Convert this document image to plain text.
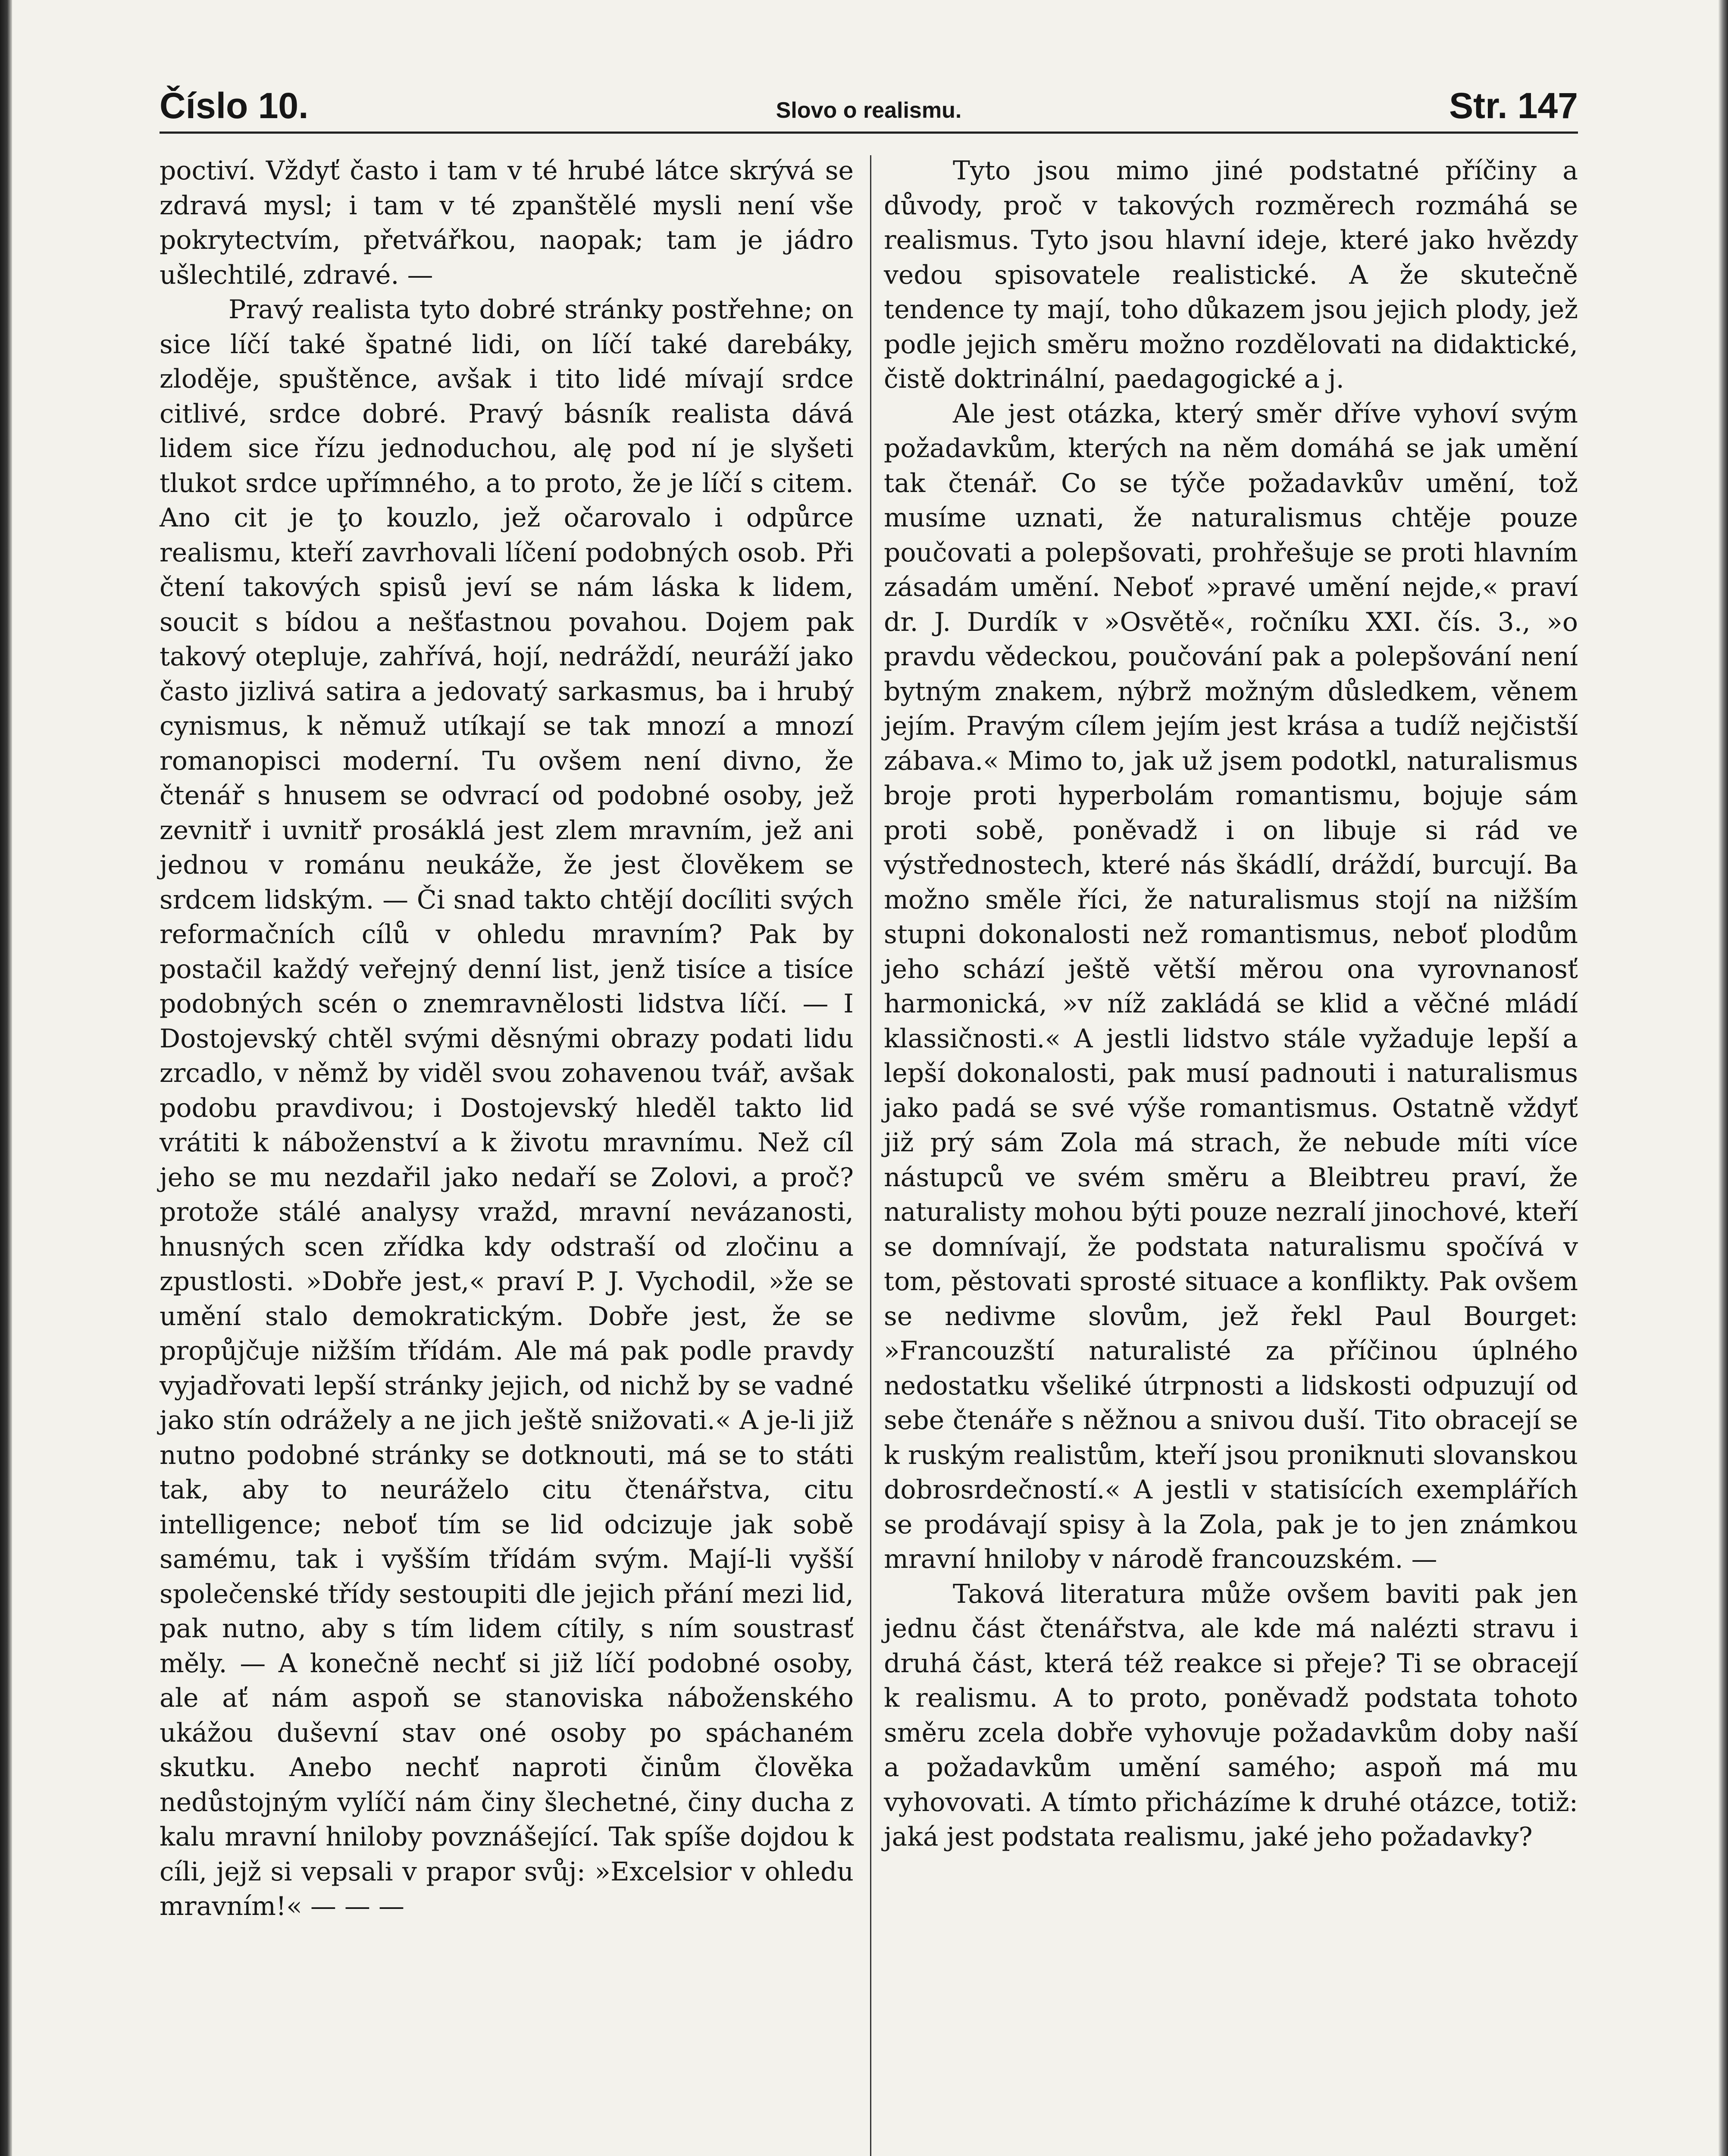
Číslo 10.	Slovo o realismu.	Str. 147

poctiví. Vždyť často i tam v té hrubé látce skrývá se zdravá mysl; i tam v té zpanštělé mysli není vše pokrytectvím, přetvářkou, naopak; tam je jádro ušlechtilé, zdravé. —

Pravý realista tyto dobré stránky postřehne; on sice líčí také špatné lidi, on líčí také darebáky, zloděje, spuštěnce, avšak i tito lidé mívají srdce citlivé, srdce dobré. Pravý básník realista dává lidem sice řízu jednoduchou, alę pod ní je slyšeti tlukot srdce upřímného, a to proto, že je líčí s citem. Ano cit je ţo kouzlo, jež očarovalo i odpůrce realismu, kteří zavrhovali líčení podobných osob. Při čtení takových spisů jeví se nám láska k lidem, soucit s bídou a nešťastnou povahou. Dojem pak takový otepluje, zahřívá, hojí, nedráždí, neuráží jako často jizlivá satira a jedovatý sarkasmus, ba i hrubý cynismus, k němuž utíkají se tak mnozí a mnozí romanopisci moderní. Tu ovšem není divno, že čtenář s hnusem se odvrací od podobné osoby, jež zevnitř i uvnitř prosáklá jest zlem mravním, jež ani jednou v románu neukáže, že jest člověkem se srdcem lidským. — Či snad takto chtějí docíliti svých reformačních cílů v ohledu mravním? Pak by postačil každý veřejný denní list, jenž tisíce a tisíce podobných scén o znemravnělosti lidstva líčí. — I Dostojevský chtěl svými děsnými obrazy podati lidu zrcadlo, v němž by viděl svou zohavenou tvář, avšak podobu pravdivou; i Dostojevský hleděl takto lid vrátiti k náboženství a k životu mravnímu. Než cíl jeho se mu nezdařil jako nedaří se Zolovi, a proč? protože stálé analysy vražd, mravní nevázanosti, hnusných scen zřídka kdy odstraší od zločinu a zpustlosti. »Dobře jest,« praví P. J. Vychodil, »že se umění stalo demokratickým. Dobře jest, že se propůjčuje nižším třídám. Ale má pak podle pravdy vyjadřovati lepší stránky jejich, od nichž by se vadné jako stín odrážely a ne jich ještě snižovati.« A je-li již nutno podobné stránky se dotknouti, má se to státi tak, aby to neuráželo citu čtenářstva, citu intelligence; neboť tím se lid odcizuje jak sobě samému, tak i vyšším třídám svým. Mají-li vyšší společenské třídy sestoupiti dle jejich přání mezi lid, pak nutno, aby s tím lidem cítily, s ním soustrasť měly. — A konečně nechť si již líčí podobné osoby, ale ať nám aspoň se stanoviska náboženského ukážou duševní stav oné osoby po spáchaném skutku. Anebo nechť naproti činům člověka nedůstojným vylíčí nám činy šlechetné, činy ducha z kalu mravní hniloby povznášející. Tak spíše dojdou k cíli, jejž si vepsali v prapor svůj: »Excelsior v ohledu mravním!« — — —

Tyto jsou mimo jiné podstatné příčiny a důvody, proč v takových rozměrech rozmáhá se realismus. Tyto jsou hlavní ideje, které jako hvězdy vedou spisovatele realistické. A že skutečně tendence ty mají, toho důkazem jsou jejich plody, jež podle jejich směru možno rozdělovati na didaktické, čistě doktrinální, paedagogické a j.

Ale jest otázka, který směr dříve vyhoví svým požadavkům, kterých na něm domáhá se jak umění tak čtenář. Co se týče požadavkův umění, tož musíme uznati, že naturalismus chtěje pouze poučovati a polepšovati, prohřešuje se proti hlavním zásadám umění. Neboť »pravé umění nejde,« praví dr. J. Durdík v »Osvětě«, ročníku XXI. čís. 3., »o pravdu vědeckou, poučování pak a polepšování není bytným znakem, nýbrž možným důsledkem, věnem jejím. Pravým cílem jejím jest krása a tudíž nejčistší zábava.« Mimo to, jak už jsem podotkl, naturalismus broje proti hyperbolám romantismu, bojuje sám proti sobě, poněvadž i on libuje si rád ve výstřednostech, které nás škádlí, dráždí, burcují. Ba možno směle říci, že naturalismus stojí na nižším stupni dokonalosti než romantismus, neboť plodům jeho schází ještě větší měrou ona vyrovnanosť harmonická, »v níž zakládá se klid a věčné mládí klassičnosti.« A jestli lidstvo stále vyžaduje lepší a lepší dokonalosti, pak musí padnouti i naturalismus jako padá se své výše romantismus. Ostatně vždyť již prý sám Zola má strach, že nebude míti více nástupců ve svém směru a Bleibtreu praví, že naturalisty mohou býti pouze nezralí jinochové, kteří se domnívají, že podstata naturalismu spočívá v tom, pěstovati sprosté situace a konflikty. Pak ovšem se nedivme slovům, jež řekl Paul Bourget: »Francouzští naturalisté za příčinou úplného nedostatku všeliké útrpnosti a lidskosti odpuzují od sebe čtenáře s něžnou a snivou duší. Tito obracejí se k ruským realistům, kteří jsou proniknuti slovanskou dobrosrdečností.« A jestli v statisících exemplářích se prodávají spisy à la Zola, pak je to jen známkou mravní hniloby v národě francouzském. —

Taková literatura může ovšem baviti pak jen jednu část čtenářstva, ale kde má nalézti stravu i druhá část, která též reakce si přeje? Ti se obracejí k realismu. A to proto, poněvadž podstata tohoto směru zcela dobře vyhovuje požadavkům doby naší a požadavkům umění samého; aspoň má mu vyhovovati. A tímto přicházíme k druhé otázce, totiž: jaká jest podstata realismu, jaké jeho požadavky?
